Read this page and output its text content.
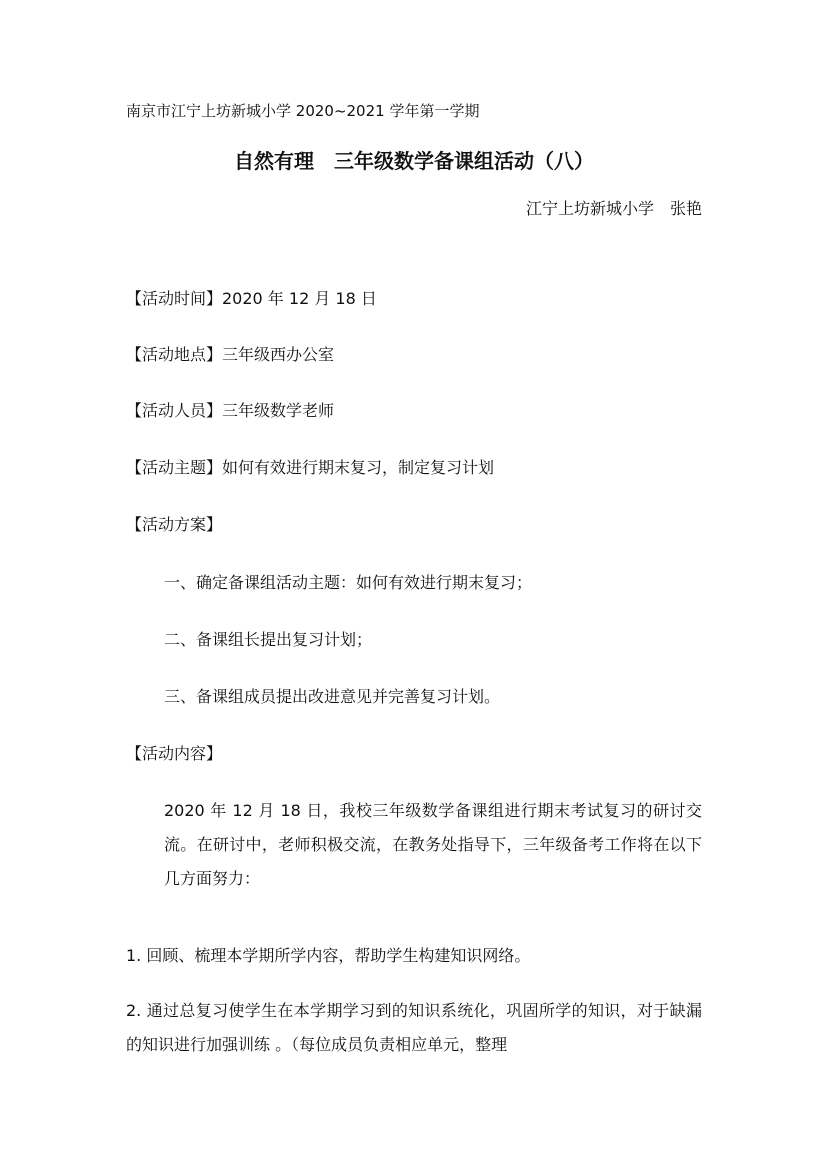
南京市江宁上坊新城小学 2020~2021 学年第一学期
自然有理　三年级数学备课组活动（八）
江宁上坊新城小学　张艳
【活动时间】2020 年 12 月 18 日
【活动地点】三年级西办公室
【活动人员】三年级数学老师
【活动主题】如何有效进行期末复习，制定复习计划
【活动方案】
一、确定备课组活动主题：如何有效进行期末复习；
二、备课组长提出复习计划；
三、备课组成员提出改进意见并完善复习计划。
【活动内容】
2020 年 12 月 18 日，我校三年级数学备课组进行期末考试复习的研讨交流。在研讨中，老师积极交流，在教务处指导下，三年级备考工作将在以下几方面努力：
1. 回顾、梳理本学期所学内容，帮助学生构建知识网络。
2. 通过总复习使学生在本学期学习到的知识系统化，巩固所学的知识，对于缺漏的知识进行加强训练 。（每位成员负责相应单元，整理
